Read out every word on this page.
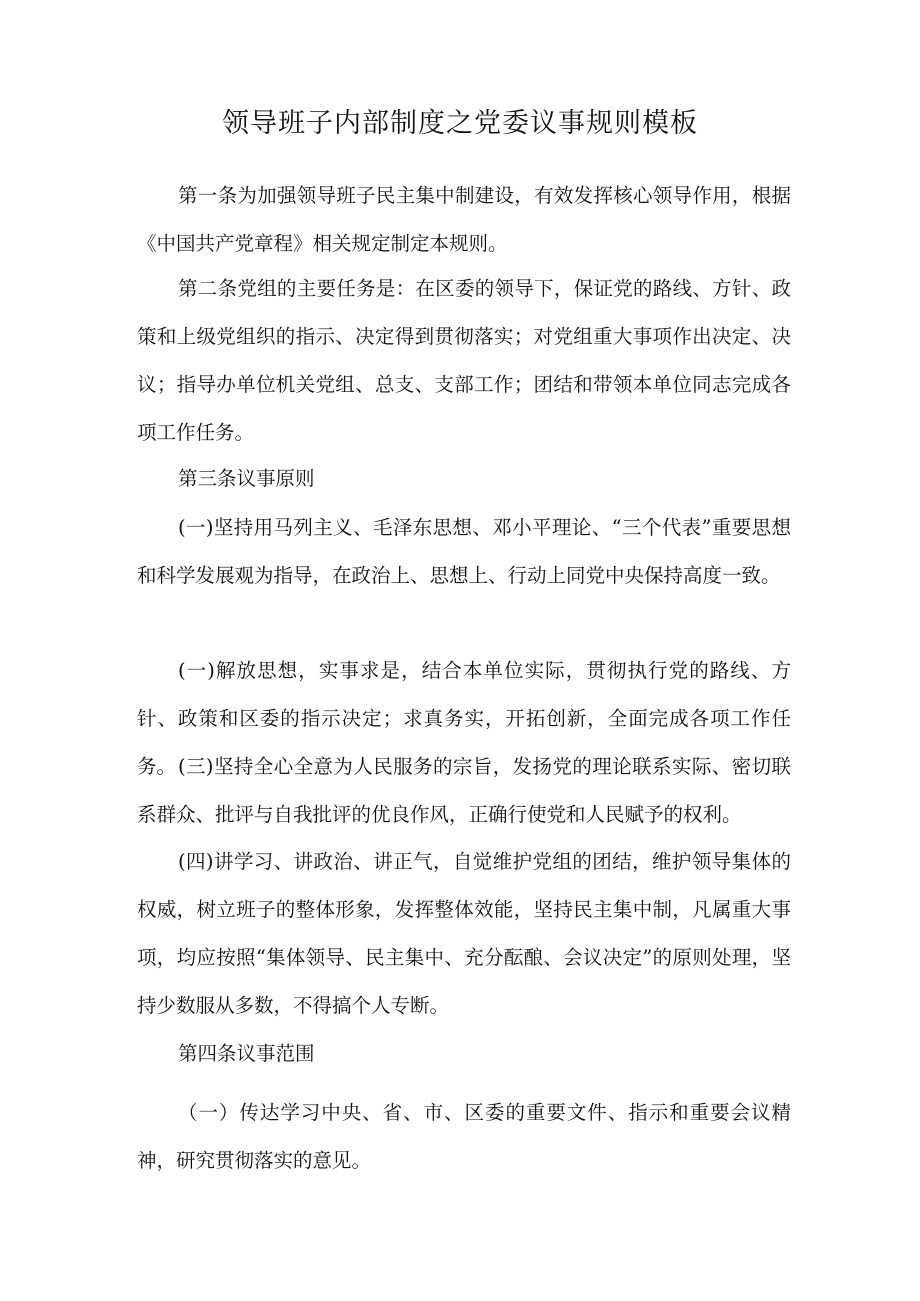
领导班子内部制度之党委议事规则模板

第一条为加强领导班子民主集中制建设，有效发挥核心领导作用，根据《中国共产党章程》相关规定制定本规则。

第二条党组的主要任务是：在区委的领导下，保证党的路线、方针、政策和上级党组织的指示、决定得到贯彻落实；对党组重大事项作出决定、决议；指导办单位机关党组、总支、支部工作；团结和带领本单位同志完成各项工作任务。

第三条议事原则

(一)坚持用马列主义、毛泽东思想、邓小平理论、“三个代表”重要思想和科学发展观为指导，在政治上、思想上、行动上同党中央保持高度一致。

(一)解放思想，实事求是，结合本单位实际，贯彻执行党的路线、方针、政策和区委的指示决定；求真务实，开拓创新，全面完成各项工作任务。 (三)坚持全心全意为人民服务的宗旨，发扬党的理论联系实际、密切联系群众、批评与自我批评的优良作风，正确行使党和人民赋予的权利。

(四)讲学习、讲政治、讲正气，自觉维护党组的团结，维护领导集体的权威，树立班子的整体形象，发挥整体效能，坚持民主集中制，凡属重大事项，均应按照“集体领导、民主集中、充分酝酿、会议决定”的原则处理，坚持少数服从多数，不得搞个人专断。

第四条议事范围

（一）传达学习中央、省、市、区委的重要文件、指示和重要会议精神，研究贯彻落实的意见。
